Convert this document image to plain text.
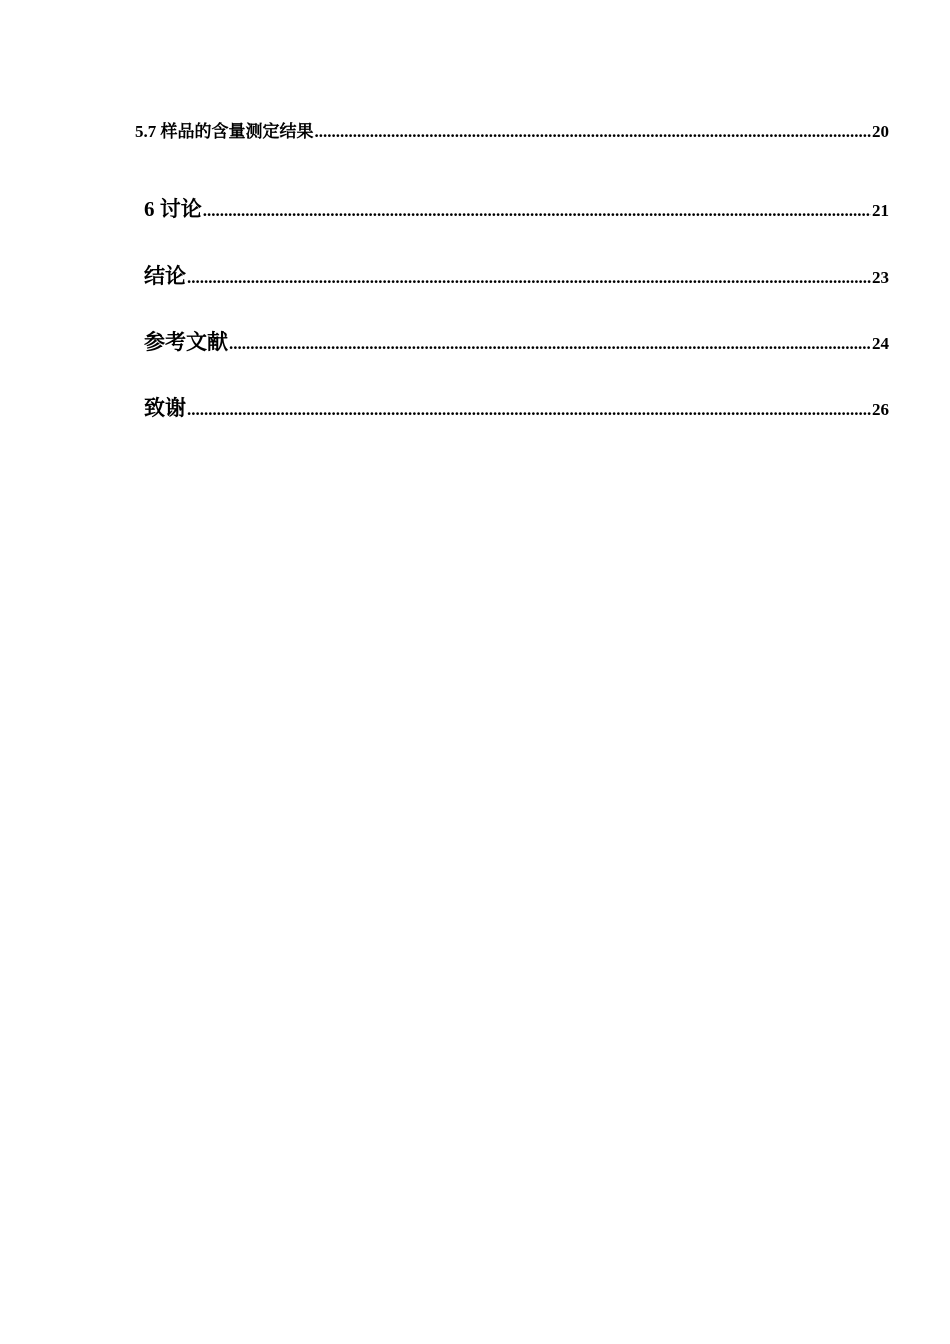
5.7 样品的含量测定结果 .....	20
6 讨论 .....	21
结论 .....	23
参考文献 .....	24
致谢 .....	26
